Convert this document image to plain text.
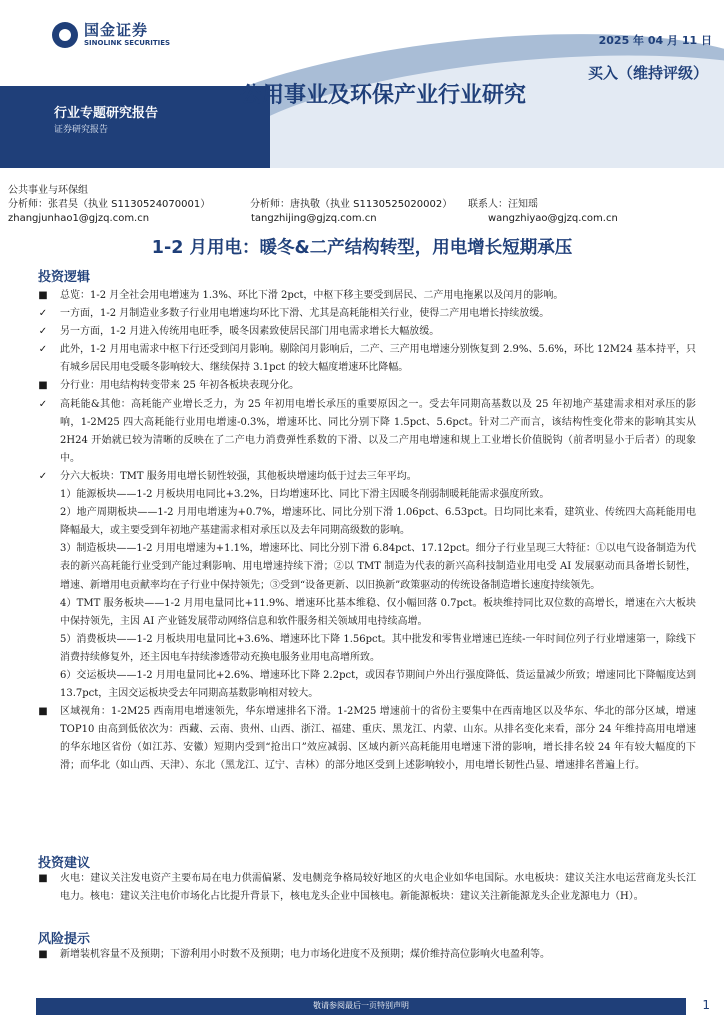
国金证券
SINOLINK SECURITIES	2025 年 04 月 11 日
买入（维持评级）
公用事业及环保产业行业研究
行业专题研究报告
证券研究报告
公共事业与环保组
分析师：张君昊（执业 S1130524070001）	分析师：唐执敬（执业 S1130525020002）	联系人：汪知瑶
zhangjunhao1@gjzq.com.cn	tangzhijing@gjzq.com.cn	wangzhiyao@gjzq.com.cn
1-2 月用电：暖冬&二产结构转型，用电增长短期承压
投资逻辑
■ 总览：1-2 月全社会用电增速为 1.3%、环比下滑 2pct，中枢下移主要受到居民、二产用电拖累以及闰月的影响。
✓ 一方面，1-2 月制造业多数子行业用电增速均环比下滑、尤其是高耗能相关行业，使得二产用电增长持续放缓。
✓ 另一方面，1-2 月进入传统用电旺季，暖冬因素致使居民部门用电需求增长大幅放缓。
✓ 此外，1-2 月用电需求中枢下行还受到闰月影响。剔除闰月影响后，二产、三产用电增速分别恢复到 2.9%、5.6%，环比 12M24 基本持平，只有城乡居民用电受暖冬影响较大、继续保持 3.1pct 的较大幅度增速环比降幅。
■ 分行业：用电结构转变带来 25 年初各板块表现分化。
✓ 高耗能&其他：高耗能产业增长乏力，为 25 年初用电增长承压的重要原因之一。受去年同期高基数以及 25 年初地产基建需求相对承压的影响，1-2M25 四大高耗能行业用电增速-0.3%，增速环比、同比分别下降 1.5pct、5.6pct。针对二产而言，该结构性变化带来的影响其实从 2H24 开始就已较为清晰的反映在了二产电力消费弹性系数的下滑、以及二产用电增速和规上工业增长价值脱钩（前者明显小于后者）的现象中。
✓ 分六大板块：TMT 服务用电增长韧性较强，其他板块增速均低于过去三年平均。
1）能源板块——1-2 月板块用电同比+3.2%，日均增速环比、同比下滑主因暖冬削弱制暖耗能需求强度所致。
2）地产周期板块——1-2 月用电增速为+0.7%，增速环比、同比分别下滑 1.06pct、6.53pct。日均同比来看，建筑业、传统四大高耗能用电降幅最大，或主要受到年初地产基建需求相对承压以及去年同期高级数的影响。
3）制造板块——1-2 月用电增速为+1.1%，增速环比、同比分别下滑 6.84pct、17.12pct。细分子行业呈现三大特征：①以电气设备制造为代表的新兴高耗能行业受到产能过剩影响、用电增速持续下滑；②以 TMT 制造为代表的新兴高科技制造业用电受 AI 发展驱动而具备增长韧性，增速、新增用电贡献率均在子行业中保持领先；③受到“设备更新、以旧换新”政策驱动的传统设备制造增长速度持续领先。
4）TMT 服务板块——1-2 月用电量同比+11.9%、增速环比基本维稳、仅小幅回落 0.7pct。板块维持同比双位数的高增长，增速在六大板块中保持领先，主因 AI 产业链发展带动网络信息和软件服务相关领域用电持续高增。
5）消费板块——1-2 月板块用电量同比+3.6%、增速环比下降 1.56pct。其中批发和零售业增速已连续-一年时间位列子行业增速第一，除线下消费持续修复外，还主因电车持续渗透带动充换电服务业用电高增所致。
6）交运板块——1-2 月用电量同比+2.6%、增速环比下降 2.2pct，或因春节期间户外出行强度降低、货运量减少所致；增速同比下降幅度达到 13.7pct，主因交运板块受去年同期高基数影响相对较大。
■ 区域视角：1-2M25 西南用电增速领先，华东增速排名下滑。1-2M25 增速前十的省份主要集中在西南地区以及华东、华北的部分区域，增速 TOP10 由高到低依次为：西藏、云南、贵州、山西、浙江、福建、重庆、黑龙江、内蒙、山东。从排名变化来看，部分 24 年维持高用电增速的华东地区省份（如江苏、安徽）短期内受到“抢出口”效应减弱、区域内新兴高耗能用电增速下滑的影响，增长排名较 24 年有较大幅度的下滑；而华北（如山西、天津）、东北（黑龙江、辽宁、吉林）的部分地区受到上述影响较小，用电增长韧性凸显、增速排名普遍上行。
投资建议
■ 火电：建议关注发电资产主要布局在电力供需偏紧、发电侧竞争格局较好地区的火电企业如华电国际。水电板块：建议关注水电运营商龙头长江电力。核电：建议关注电价市场化占比提升背景下，核电龙头企业中国核电。新能源板块：建议关注新能源龙头企业龙源电力（H）。
风险提示
■ 新增装机容量不及预期；下游利用小时数不及预期；电力市场化进度不及预期；煤价维持高位影响火电盈利等。
敬请参阅最后一页特别声明	1
